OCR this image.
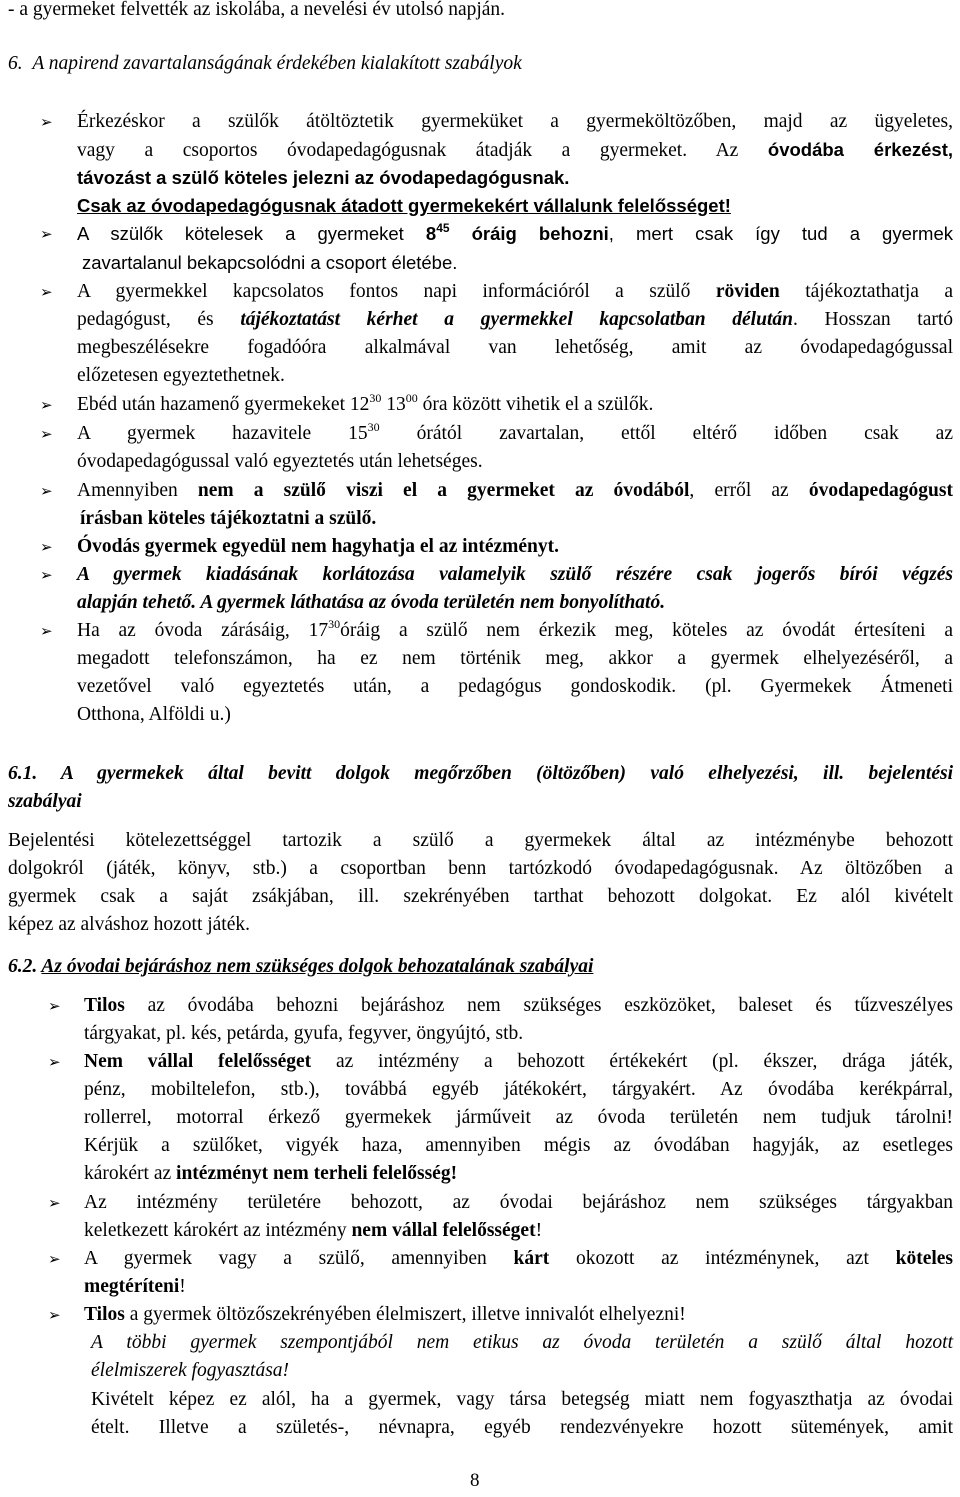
- a gyermeket felvették az iskolába, a nevelési év utolsó napján.
6. A napirend zavartalanságának érdekében kialakított szabályok
➢ Érkezéskor a szülők átöltöztetik gyermeküket a gyermeköltözőben, majd az ügyeletes,
vagy a csoportos óvodapedagógusnak átadják a gyermeket. Az óvodába érkezést,
távozást a szülő köteles jelezni az óvodapedagógusnak.
Csak az óvodapedagógusnak átadott gyermekekért vállalunk felelősséget!
➢ A szülők kötelesek a gyermeket $8^{45}$ óráig behozni, mert csak így tud a gyermek
zavartalanul bekapcsolódni a csoport életébe.
➢ A gyermekkel kapcsolatos fontos napi információról a szülő röviden tájékoztathatja a
pedagógust, és tájékoztatást kérhet a gyermekkel kapcsolatban délután. Hosszan tartó
megbeszélésekre fogadóóra alkalmával van lehetőség, amit az óvodapedagógussal
előzetesen egyeztethetnek.
➢ Ebéd után hazamenő gyermekeket $12^{30}$ $13^{00}$ óra között vihetik el a szülők.
➢ A gyermek hazavitele $15^{30}$ órától zavartalan, ettől eltérő időben csak az
óvodapedagógussal való egyeztetés után lehetséges.
➢ Amennyiben nem a szülő viszi el a gyermeket az óvodából, erről az óvodapedagógust
írásban köteles tájékoztatni a szülő.
➢ Óvodás gyermek egyedül nem hagyhatja el az intézményt.
➢ A gyermek kiadásának korlátozása valamelyik szülő részére csak jogerős bírói végzés
alapján tehető. A gyermek láthatása az óvoda területén nem bonyolítható.
➢ Ha az óvoda zárásáig, $17^{30}óráig$ a szülő nem érkezik meg, köteles az óvodát értesíteni a
megadott telefonszámon, ha ez nem történik meg, akkor a gyermek elhelyezéséről, a
vezetővel való egyeztetés után, a pedagógus gondoskodik. (pl. Gyermekek Átmeneti
Otthona, Alföldi u.)
6.1. A gyermekek által bevitt dolgok megőrzőben (öltözőben) való elhelyezési, ill. bejelentési
szabályai
Bejelentési kötelezettséggel tartozik a szülő a gyermekek által az intézménybe behozott
dolgokról (játék, könyv, stb.) a csoportban benn tartózkodó óvodapedagógusnak. Az öltözőben a
gyermek csak a saját zsákjában, ill. szekrényében tarthat behozott dolgokat. Ez alól kivételt
képez az alváshoz hozott játék.
6.2. Az óvodai bejáráshoz nem szükséges dolgok behozatalának szabályai
➢ Tilos az óvodába behozni bejáráshoz nem szükséges eszközöket, baleset és tűzveszélyes
tárgyakat, pl. kés, petárda, gyufa, fegyver, öngyújtó, stb.
➢ Nem vállal felelősséget az intézmény a behozott értékekért (pl. ékszer, drága játék,
pénz, mobiltelefon, stb.), továbbá egyéb játékokért, tárgyakért. Az óvodába kerékpárral,
rollerrel, motorral érkező gyermekek járműveit az óvoda területén nem tudjuk tárolni!
Kérjük a szülőket, vigyék haza, amennyiben mégis az óvodában hagyják, az esetleges
károkért az intézményt nem terheli felelősség!
➢ Az intézmény területére behozott, az óvodai bejáráshoz nem szükséges tárgyakban
keletkezett károkért az intézmény nem vállal felelősséget!
➢ A gyermek vagy a szülő, amennyiben kárt okozott az intézménynek, azt köteles
megtéríteni!
➢ Tilos a gyermek öltözőszekrényében élelmiszert, illetve innivalót elhelyezni!
A többi gyermek szempontjából nem etikus az óvoda területén a szülő által hozott
élelmiszerek fogyasztása!
Kivételt képez ez alól, ha a gyermek, vagy társa betegség miatt nem fogyaszthatja az óvodai
ételt. Illetve a születés-, névnapra, egyéb rendezvényekre hozott sütemények, amit
8
